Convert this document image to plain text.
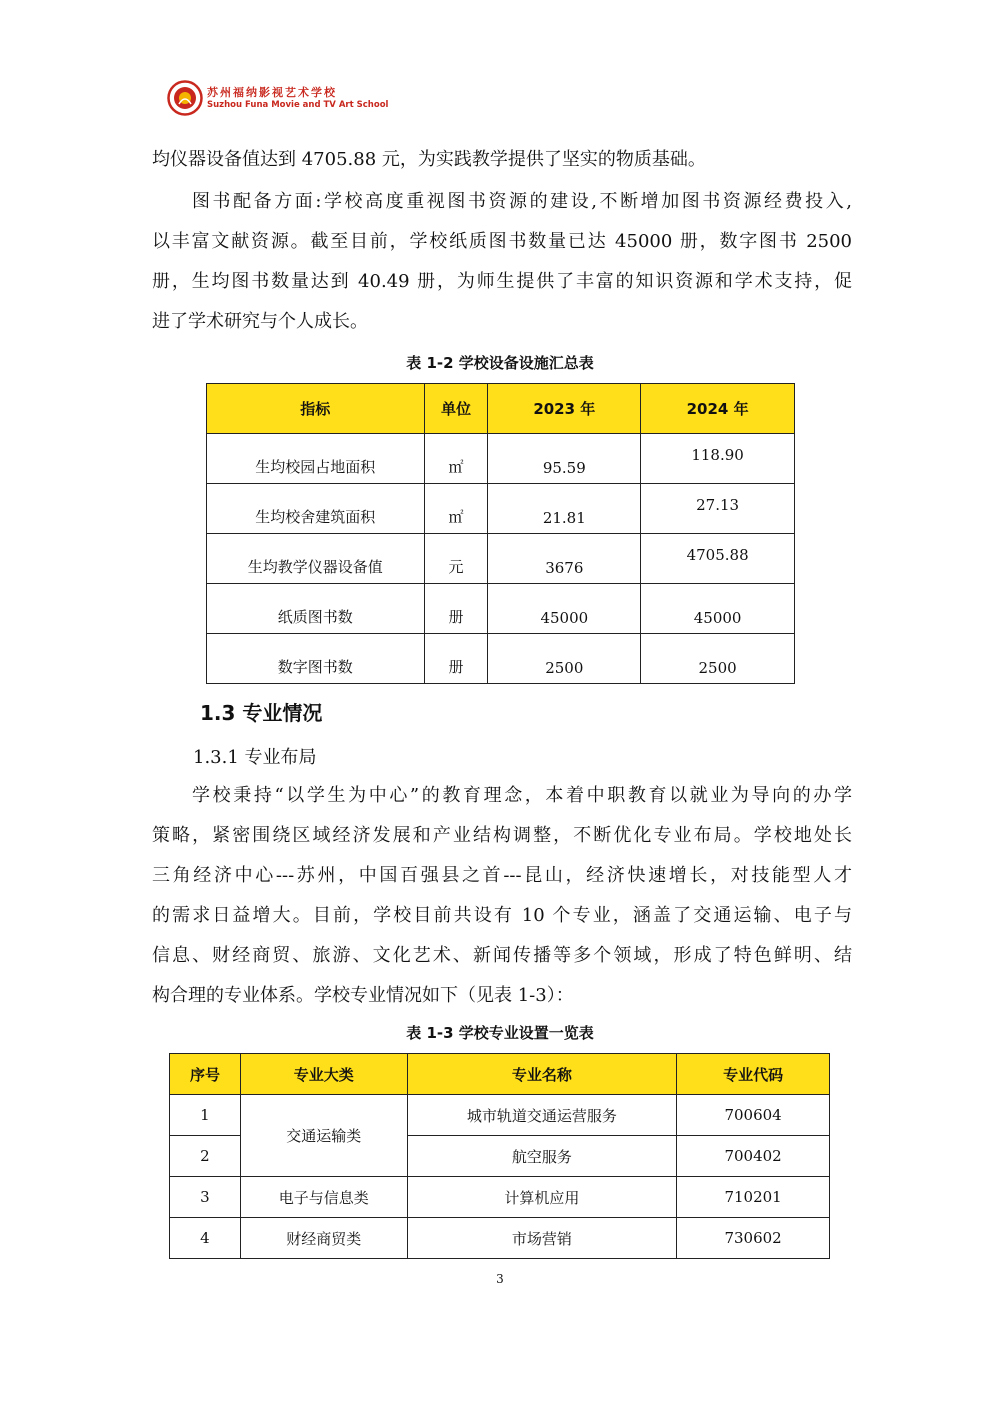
苏州福纳影视艺术学校
Suzhou Funa Movie and TV Art School
均仪器设备值达到 4705.88 元，为实践教学提供了坚实的物质基础。
图书配备方面:学校高度重视图书资源的建设,不断增加图书资源经费投入,
以丰富文献资源。截至目前，学校纸质图书数量已达 45000 册，数字图书 2500
册，生均图书数量达到 40.49 册，为师生提供了丰富的知识资源和学术支持，促
进了学术研究与个人成长。
表 1-2 学校设备设施汇总表
指标	单位	2023 年	2024 年
生均校园占地面积	㎡	95.59	118.90
生均校舍建筑面积	㎡	21.81	27.13
生均教学仪器设备值	元	3676	4705.88
纸质图书数	册	45000	45000
数字图书数	册	2500	2500
1.3 专业情况
1.3.1 专业布局
学校秉持“以学生为中心”的教育理念，本着中职教育以就业为导向的办学
策略，紧密围绕区域经济发展和产业结构调整，不断优化专业布局。学校地处长
三角经济中心---苏州，中国百强县之首---昆山，经济快速增长，对技能型人才
的需求日益增大。目前，学校目前共设有 10 个专业，涵盖了交通运输、电子与
信息、财经商贸、旅游、文化艺术、新闻传播等多个领域，形成了特色鲜明、结
构合理的专业体系。学校专业情况如下（见表 1-3）：
表 1-3 学校专业设置一览表
序号	专业大类	专业名称	专业代码
1	交通运输类	城市轨道交通运营服务	700604
2		航空服务	700402
3	电子与信息类	计算机应用	710201
4	财经商贸类	市场营销	730602
3
